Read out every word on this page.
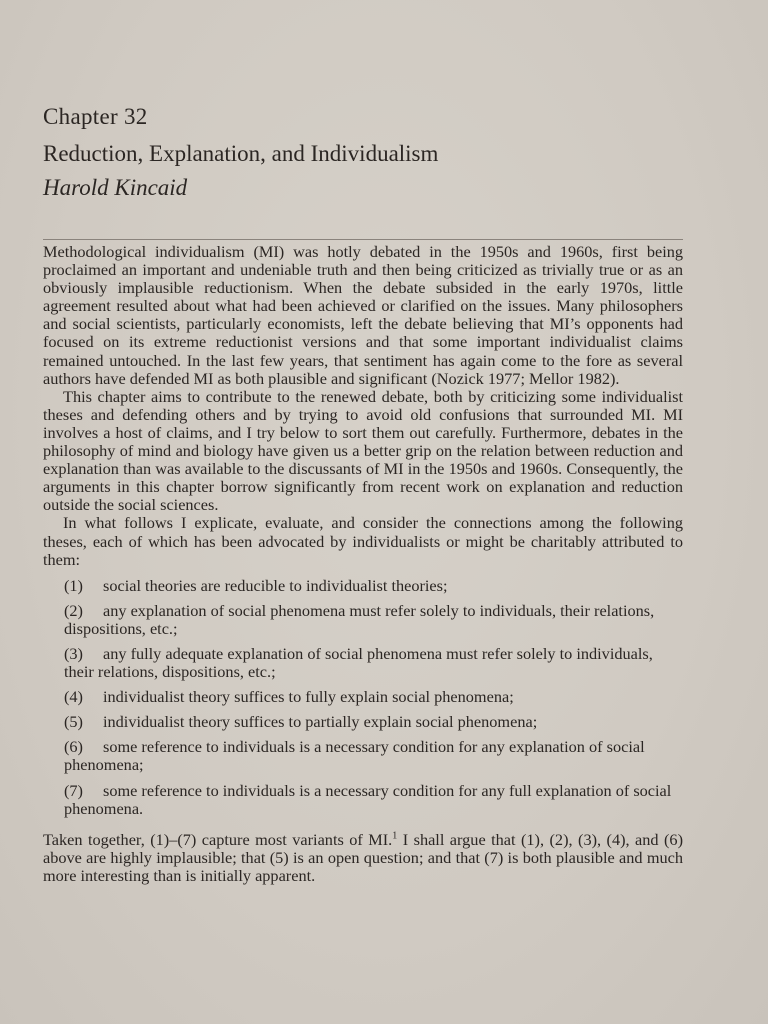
Chapter 32
Reduction, Explanation, and Individualism
Harold Kincaid

Methodological individualism (MI) was hotly debated in the 1950s and 1960s, first being proclaimed an important and undeniable truth and then being criticized as trivially true or as an obviously implausible reductionism. When the debate subsided in the early 1970s, little agreement resulted about what had been achieved or clarified on the issues. Many philosophers and social scientists, particularly economists, left the debate believing that MI’s opponents had focused on its extreme reductionist versions and that some important individualist claims remained untouched. In the last few years, that sentiment has again come to the fore as several authors have defended MI as both plausible and significant (Nozick 1977; Mellor 1982).

This chapter aims to contribute to the renewed debate, both by criticizing some individualist theses and defending others and by trying to avoid old confusions that surrounded MI. MI involves a host of claims, and I try below to sort them out carefully. Furthermore, debates in the philosophy of mind and biology have given us a better grip on the relation between reduction and explanation than was available to the discussants of MI in the 1950s and 1960s. Consequently, the arguments in this chapter borrow significantly from recent work on explanation and reduction outside the social sciences.

In what follows I explicate, evaluate, and consider the connections among the following theses, each of which has been advocated by individualists or might be charitably attributed to them:

(1) social theories are reducible to individualist theories;
(2) any explanation of social phenomena must refer solely to individuals, their relations, dispositions, etc.;
(3) any fully adequate explanation of social phenomena must refer solely to individuals, their relations, dispositions, etc.;
(4) individualist theory suffices to fully explain social phenomena;
(5) individualist theory suffices to partially explain social phenomena;
(6) some reference to individuals is a necessary condition for any explanation of social phenomena;
(7) some reference to individuals is a necessary condition for any full explanation of social phenomena.

Taken together, (1)–(7) capture most variants of MI.$^1$ I shall argue that (1), (2), (3), (4), and (6) above are highly implausible; that (5) is an open question; and that (7) is both plausible and much more interesting than is initially apparent.
